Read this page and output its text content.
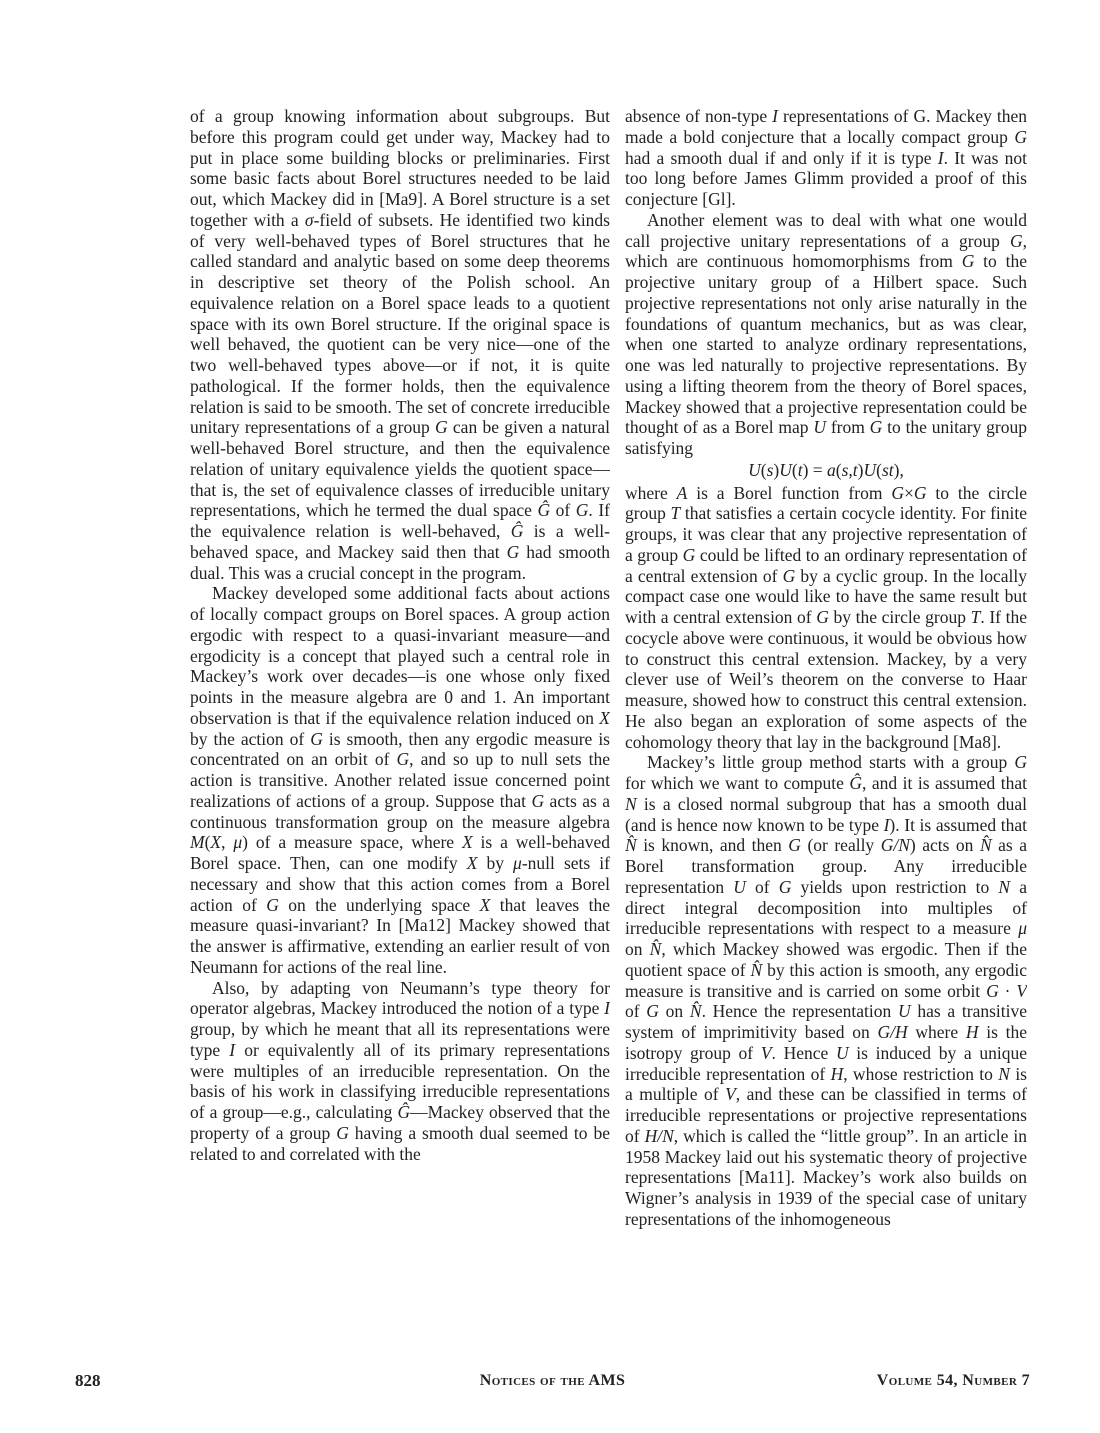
of a group knowing information about subgroups. But before this program could get under way, Mackey had to put in place some building blocks or preliminaries. First some basic facts about Borel structures needed to be laid out, which Mackey did in [Ma9]. A Borel structure is a set together with a σ-field of subsets. He identified two kinds of very well-behaved types of Borel structures that he called standard and analytic based on some deep theorems in descriptive set theory of the Polish school. An equivalence relation on a Borel space leads to a quotient space with its own Borel structure. If the original space is well behaved, the quotient can be very nice—one of the two well-behaved types above—or if not, it is quite pathological. If the former holds, then the equivalence relation is said to be smooth. The set of concrete irreducible unitary representations of a group G can be given a natural well-behaved Borel structure, and then the equivalence relation of unitary equivalence yields the quotient space—that is, the set of equivalence classes of irreducible unitary representations, which he termed the dual space Ĝ of G. If the equivalence relation is well-behaved, Ĝ is a well-behaved space, and Mackey said then that G had smooth dual. This was a crucial concept in the program.

Mackey developed some additional facts about actions of locally compact groups on Borel spaces. A group action ergodic with respect to a quasi-invariant measure—and ergodicity is a concept that played such a central role in Mackey’s work over decades—is one whose only fixed points in the measure algebra are 0 and 1. An important observation is that if the equivalence relation induced on X by the action of G is smooth, then any ergodic measure is concentrated on an orbit of G, and so up to null sets the action is transitive. Another related issue concerned point realizations of actions of a group. Suppose that G acts as a continuous transformation group on the measure algebra M(X, μ) of a measure space, where X is a well-behaved Borel space. Then, can one modify X by μ-null sets if necessary and show that this action comes from a Borel action of G on the underlying space X that leaves the measure quasi-invariant? In [Ma12] Mackey showed that the answer is affirmative, extending an earlier result of von Neumann for actions of the real line.

Also, by adapting von Neumann’s type theory for operator algebras, Mackey introduced the notion of a type I group, by which he meant that all its representations were type I or equivalently all of its primary representations were multiples of an irreducible representation. On the basis of his work in classifying irreducible representations of a group—e.g., calculating Ĝ—Mackey observed that the property of a group G having a smooth dual seemed to be related to and correlated with the

absence of non-type I representations of G. Mackey then made a bold conjecture that a locally compact group G had a smooth dual if and only if it is type I. It was not too long before James Glimm provided a proof of this conjecture [Gl].

Another element was to deal with what one would call projective unitary representations of a group G, which are continuous homomorphisms from G to the projective unitary group of a Hilbert space. Such projective representations not only arise naturally in the foundations of quantum mechanics, but as was clear, when one started to analyze ordinary representations, one was led naturally to projective representations. By using a lifting theorem from the theory of Borel spaces, Mackey showed that a projective representation could be thought of as a Borel map U from G to the unitary group satisfying

U(s)U(t) = a(s,t)U(st),

where A is a Borel function from G×G to the circle group T that satisfies a certain cocycle identity. For finite groups, it was clear that any projective representation of a group G could be lifted to an ordinary representation of a central extension of G by a cyclic group. In the locally compact case one would like to have the same result but with a central extension of G by the circle group T. If the cocycle above were continuous, it would be obvious how to construct this central extension. Mackey, by a very clever use of Weil’s theorem on the converse to Haar measure, showed how to construct this central extension. He also began an exploration of some aspects of the cohomology theory that lay in the background [Ma8].

Mackey’s little group method starts with a group G for which we want to compute Ĝ, and it is assumed that N is a closed normal subgroup that has a smooth dual (and is hence now known to be type I). It is assumed that N̂ is known, and then G (or really G/N) acts on N̂ as a Borel transformation group. Any irreducible representation U of G yields upon restriction to N a direct integral decomposition into multiples of irreducible representations with respect to a measure μ on N̂, which Mackey showed was ergodic. Then if the quotient space of N̂ by this action is smooth, any ergodic measure is transitive and is carried on some orbit G · V of G on N̂. Hence the representation U has a transitive system of imprimitivity based on G/H where H is the isotropy group of V. Hence U is induced by a unique irreducible representation of H, whose restriction to N is a multiple of V, and these can be classified in terms of irreducible representations or projective representations of H/N, which is called the “little group”. In an article in 1958 Mackey laid out his systematic theory of projective representations [Ma11]. Mackey’s work also builds on Wigner’s analysis in 1939 of the special case of unitary representations of the inhomogeneous

828	Notices of the AMS	Volume 54, Number 7
